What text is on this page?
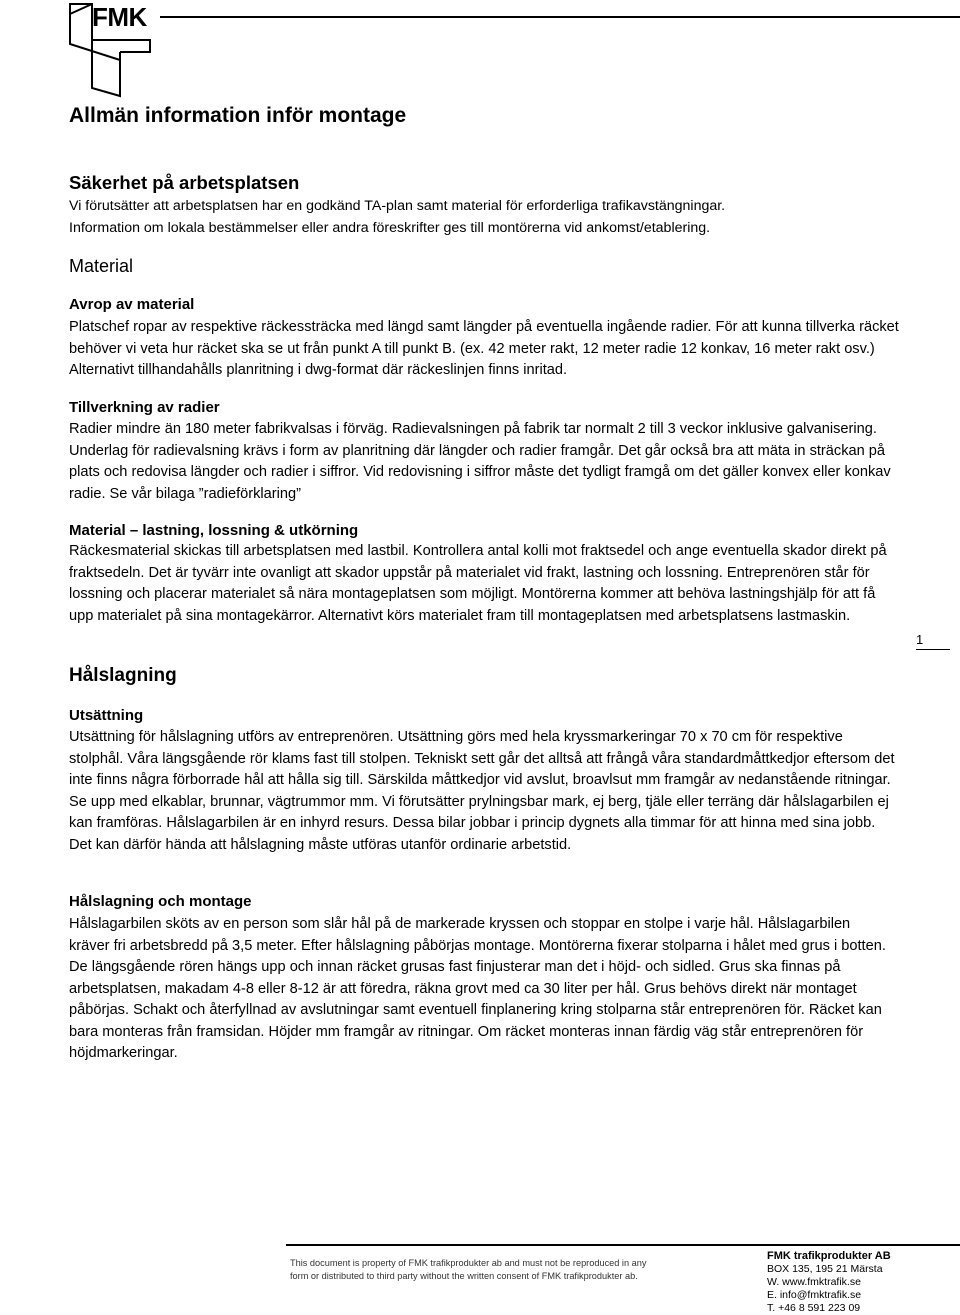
FMK
Allmän information inför montage
Säkerhet på arbetsplatsen
Vi förutsätter att arbetsplatsen har en godkänd TA-plan samt material för erforderliga trafikavstängningar.
Information om lokala bestämmelser eller andra föreskrifter ges till montörerna vid ankomst/etablering.
Material
Avrop av material
Platschef ropar av respektive räckessträcka med längd samt längder på eventuella ingående radier. För att kunna tillverka räcket behöver vi veta hur räcket ska se ut från punkt A till punkt B. (ex. 42 meter rakt, 12 meter radie 12 konkav, 16 meter rakt osv.) Alternativt tillhandahålls planritning i dwg-format där räckeslinjen finns inritad.
Tillverkning av radier
Radier mindre än 180 meter fabrikvalsas i förväg. Radievalsningen på fabrik tar normalt 2 till 3 veckor inklusive galvanisering. Underlag för radievalsning krävs i form av planritning där längder och radier framgår. Det går också bra att mäta in sträckan på plats och redovisa längder och radier i siffror. Vid redovisning i siffror måste det tydligt framgå om det gäller konvex eller konkav radie. Se vår bilaga ”radieförklaring”
Material – lastning, lossning & utkörning
Räckesmaterial skickas till arbetsplatsen med lastbil. Kontrollera antal kolli mot fraktsedel och ange eventuella skador direkt på fraktsedeln. Det är tyvärr inte ovanligt att skador uppstår på materialet vid frakt, lastning och lossning. Entreprenören står för lossning och placerar materialet så nära montageplatsen som möjligt. Montörerna kommer att behöva lastningshjälp för att få upp materialet på sina montagekärror. Alternativt körs materialet fram till montageplatsen med arbetsplatsens lastmaskin.
1
Hålslagning
Utsättning
Utsättning för hålslagning utförs av entreprenören. Utsättning görs med hela kryssmarkeringar 70 x 70 cm för respektive stolphål. Våra längsgående rör klams fast till stolpen. Tekniskt sett går det alltså att frångå våra standardmåttkedjor eftersom det inte finns några förborrade hål att hålla sig till. Särskilda måttkedjor vid avslut, broavlsut mm framgår av nedanstående ritningar. Se upp med elkablar, brunnar, vägtrummor mm. Vi förutsätter prylningsbar mark, ej berg, tjäle eller terräng där hålslagarbilen ej kan framföras. Hålslagarbilen är en inhyrd resurs. Dessa bilar jobbar i princip dygnets alla timmar för att hinna med sina jobb. Det kan därför hända att hålslagning måste utföras utanför ordinarie arbetstid.
Hålslagning och montage
Hålslagarbilen sköts av en person som slår hål på de markerade kryssen och stoppar en stolpe i varje hål. Hålslagarbilen kräver fri arbetsbredd på 3,5 meter. Efter hålslagning påbörjas montage. Montörerna fixerar stolparna i hålet med grus i botten. De längsgående rören hängs upp och innan räcket grusas fast finjusterar man det i höjd- och sidled. Grus ska finnas på arbetsplatsen, makadam 4-8 eller 8-12 är att föredra, räkna grovt med ca 30 liter per hål. Grus behövs direkt när montaget påbörjas. Schakt och återfyllnad av avslutningar samt eventuell finplanering kring stolparna står entreprenören för. Räcket kan bara monteras från framsidan. Höjder mm framgår av ritningar. Om räcket monteras innan färdig väg står entreprenören för höjdmarkeringar.
This document is property of FMK trafikprodukter ab and must not be reproduced in any
form or distributed to third party without the written consent of FMK trafikprodukter ab.
FMK trafikprodukter AB
BOX 135, 195 21 Märsta
W. www.fmktrafik.se
E. info@fmktrafik.se
T. +46 8 591 223 09
